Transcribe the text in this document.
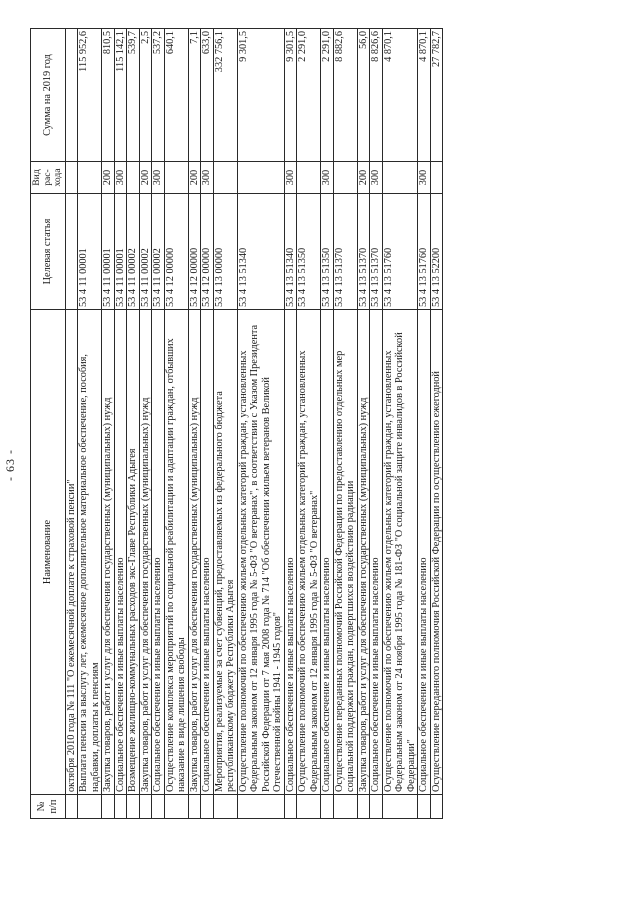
- 63 -
№ п/п	Наименование	Целевая статья	Вид рас-хода	Сумма на 2019 год
	октября 2010 года № 111 "О ежемесячной доплате к страховой пенсии"			
	Выплата пенсии за выслугу лет, ежемесячное дополнительное материальное обеспечение, пособия, надбавки, доплаты к пенсиям	53 4 11 00001		115 952,6
	Закупка товаров, работ и услуг для обеспечения государственных (муниципальных) нужд	53 4 11 00001	200	810,5
	Социальное обеспечение и иные выплаты населению	53 4 11 00001	300	115 142,1
	Возмещение жилищно-коммунальных расходов экс-Главе Республики Адыгея	53 4 11 00002		539,7
	Закупка товаров, работ и услуг для обеспечения государственных (муниципальных) нужд	53 4 11 00002	200	2,5
	Социальное обеспечение и иные выплаты населению	53 4 11 00002	300	537,2
	Осуществление комплекса мероприятий по социальной реабилитации и адаптации граждан, отбывших наказание в виде лишения свободы	53 4 12 00000		640,1
	Закупка товаров, работ и услуг для обеспечения государственных (муниципальных) нужд	53 4 12 00000	200	7,1
	Социальное обеспечение и иные выплаты населению	53 4 12 00000	300	633,0
	Мероприятия, реализуемые за счет субвенций, предоставляемых из федерального бюджета республиканскому бюджету Республики Адыгея	53 4 13 00000		332 756,1
	Осуществление полномочий по обеспечению жильем отдельных категорий граждан, установленных Федеральным законом от 12 января 1995 года № 5-ФЗ "О ветеранах", в соответствии с Указом Президента Российской Федерации от 7 мая 2008 года № 714 "Об обеспечении жильем ветеранов Великой Отечественной войны 1941 - 1945 годов"	53 4 13 51340		9 301,5
	Социальное обеспечение и иные выплаты населению	53 4 13 51340	300	9 301,5
	Осуществление полномочий по обеспечению жильем отдельных категорий граждан, установленных Федеральным законом от 12 января 1995 года № 5-ФЗ "О ветеранах"	53 4 13 51350		2 291,0
	Социальное обеспечение и иные выплаты населению	53 4 13 51350	300	2 291,0
	Осуществление переданных полномочий Российской Федерации по предоставлению отдельных мер социальной поддержки граждан, подвергшихся воздействию радиации	53 4 13 51370		8 882,6
	Закупка товаров, работ и услуг для обеспечения государственных (муниципальных) нужд	53 4 13 51370	200	56,0
	Социальное обеспечение и иные выплаты населению	53 4 13 51370	300	8 826,6
	Осуществление полномочий по обеспечению жильем отдельных категорий граждан, установленных Федеральным законом от 24 ноября 1995 года № 181-ФЗ "О социальной защите инвалидов в Российской Федерации"	53 4 13 51760		4 870,1
	Социальное обеспечение и иные выплаты населению	53 4 13 51760	300	4 870,1
	Осуществление переданного полномочия Российской Федерации по осуществлению ежегодной	53 4 13 52200		27 782,7
